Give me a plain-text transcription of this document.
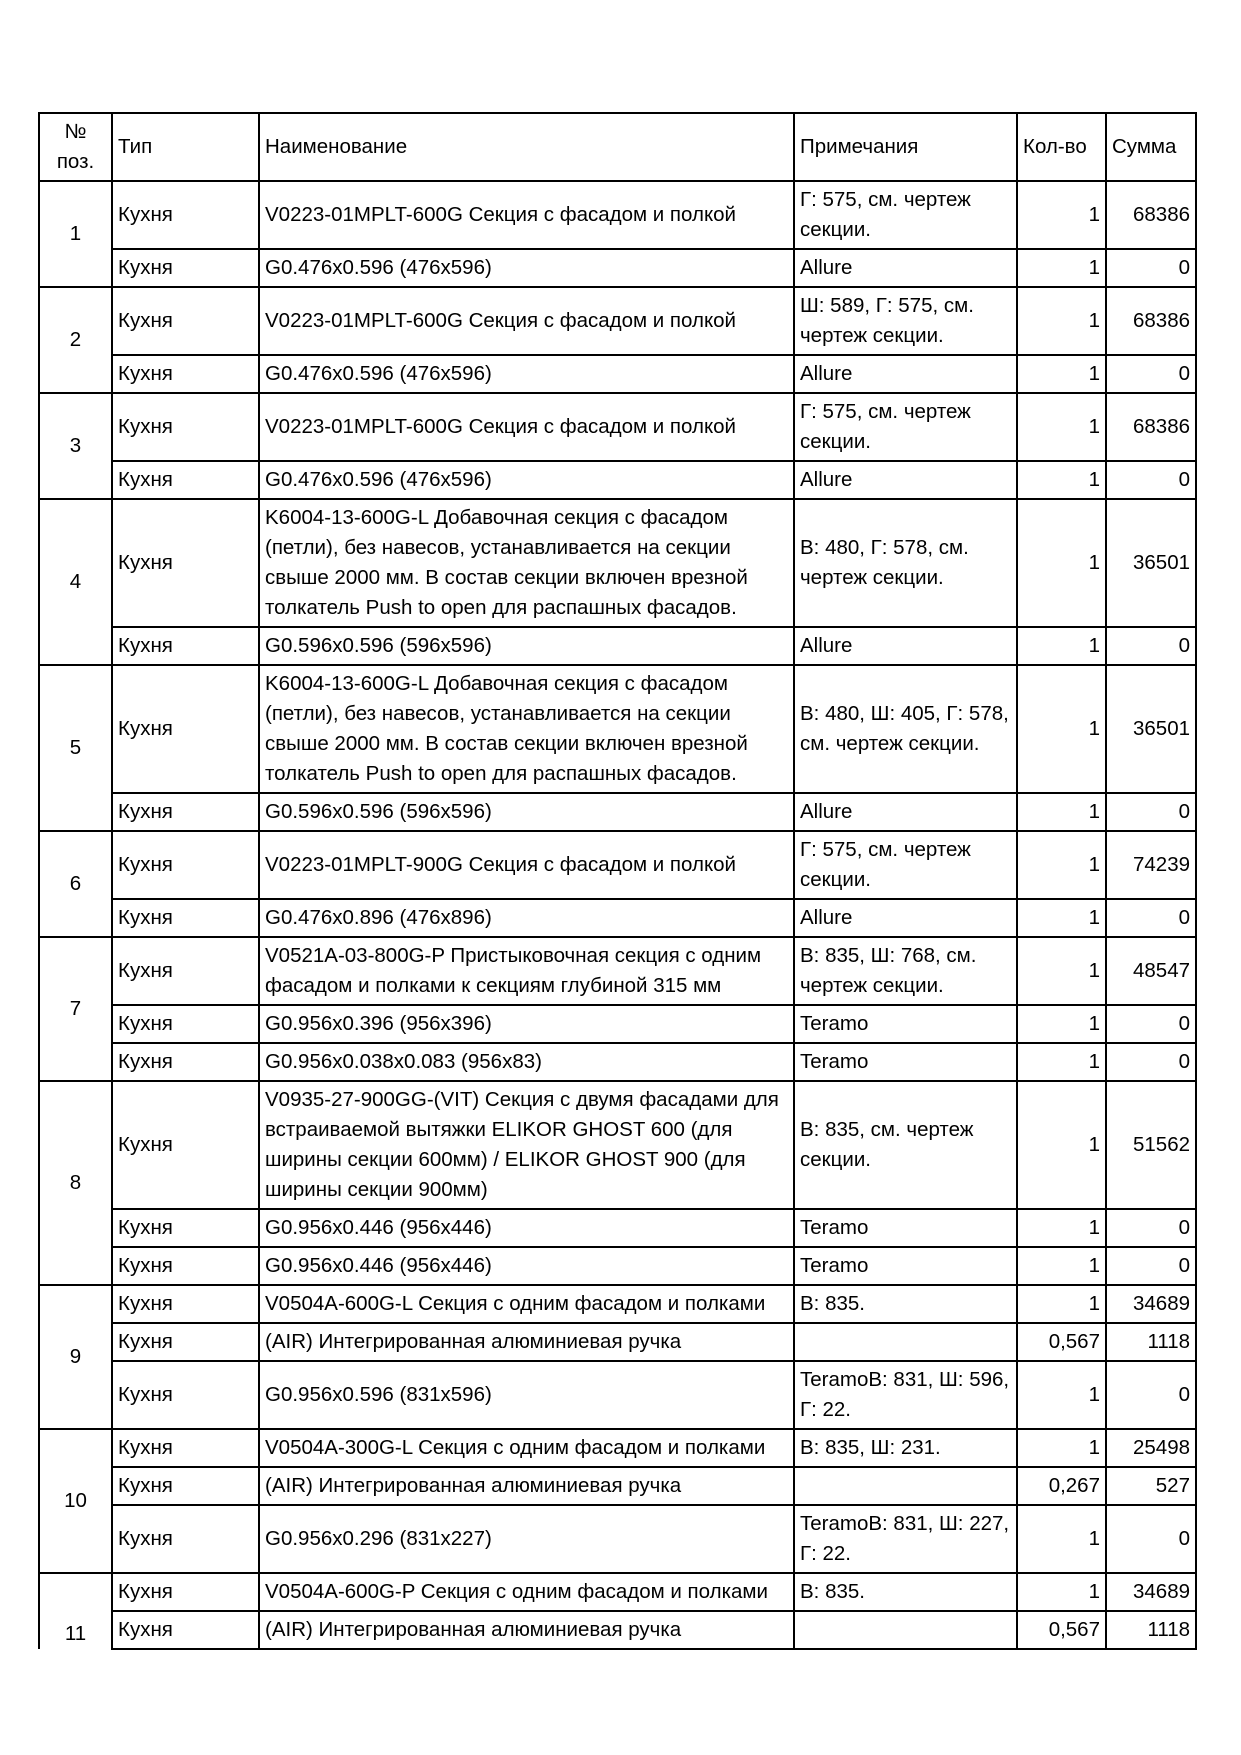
№ поз.	Тип	Наименование	Примечания	Кол-во	Сумма
1	Кухня	V0223-01MPLT-600G Секция с фасадом и полкой	Г: 575, см. чертеж секции.	1	68386
	Кухня	G0.476x0.596 (476x596)	Allure	1	0
2	Кухня	V0223-01MPLT-600G Секция с фасадом и полкой	Ш: 589, Г: 575, см. чертеж секции.	1	68386
	Кухня	G0.476x0.596 (476x596)	Allure	1	0
3	Кухня	V0223-01MPLT-600G Секция с фасадом и полкой	Г: 575, см. чертеж секции.	1	68386
	Кухня	G0.476x0.596 (476x596)	Allure	1	0
4	Кухня	K6004-13-600G-L Добавочная секция с фасадом (петли), без навесов, устанавливается на секции свыше 2000 мм. В состав секции включен врезной толкатель Push to open для распашных фасадов.	В: 480, Г: 578, см. чертеж секции.	1	36501
	Кухня	G0.596x0.596 (596x596)	Allure	1	0
5	Кухня	K6004-13-600G-L Добавочная секция с фасадом (петли), без навесов, устанавливается на секции свыше 2000 мм. В состав секции включен врезной толкатель Push to open для распашных фасадов.	В: 480, Ш: 405, Г: 578, см. чертеж секции.	1	36501
	Кухня	G0.596x0.596 (596x596)	Allure	1	0
6	Кухня	V0223-01MPLT-900G Секция с фасадом и полкой	Г: 575, см. чертеж секции.	1	74239
	Кухня	G0.476x0.896 (476x896)	Allure	1	0
7	Кухня	V0521A-03-800G-P Пристыковочная секция с одним фасадом и полками к секциям глубиной 315 мм	В: 835, Ш: 768, см. чертеж секции.	1	48547
	Кухня	G0.956x0.396 (956x396)	Teramo	1	0
	Кухня	G0.956x0.038x0.083 (956x83)	Teramo	1	0
8	Кухня	V0935-27-900GG-(VIT) Секция с двумя фасадами для встраиваемой вытяжки ELIKOR GHOST 600 (для ширины секции 600мм) / ELIKOR GHOST 900 (для ширины секции 900мм)	В: 835, см. чертеж секции.	1	51562
	Кухня	G0.956x0.446 (956x446)	Teramo	1	0
	Кухня	G0.956x0.446 (956x446)	Teramo	1	0
9	Кухня	V0504A-600G-L Секция с одним фасадом и полками	В: 835.	1	34689
	Кухня	(AIR) Интегрированная алюминиевая ручка		0,567	1118
	Кухня	G0.956x0.596 (831x596)	TeramoВ: 831, Ш: 596, Г: 22.	1	0
10	Кухня	V0504A-300G-L Секция с одним фасадом и полками	В: 835, Ш: 231.	1	25498
	Кухня	(AIR) Интегрированная алюминиевая ручка		0,267	527
	Кухня	G0.956x0.296 (831x227)	TeramoВ: 831, Ш: 227, Г: 22.	1	0
11	Кухня	V0504A-600G-P Секция с одним фасадом и полками	В: 835.	1	34689
	Кухня	(AIR) Интегрированная алюминиевая ручка		0,567	1118
